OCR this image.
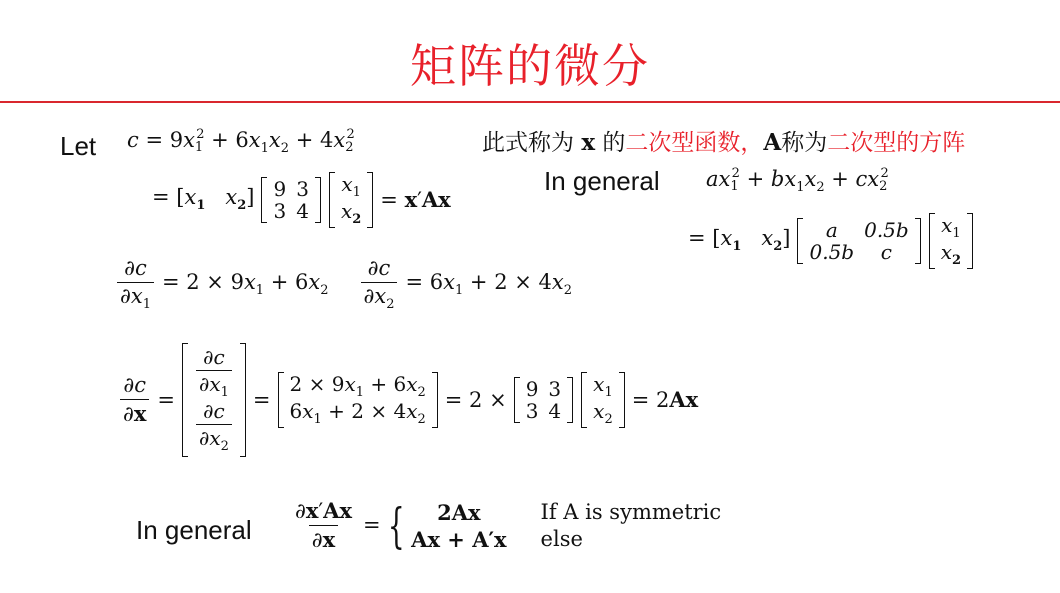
矩阵的微分
Let $c = 9x_1^2 + 6x_1x_2 + 4x_2^2$	此式称为 x 的二次型函数，A称为二次型的方阵
= [$x_1$ $x_2$] 9	3
3	4
$x_1$
$x_2$
= x′Ax
In general $ax_1^2 + bx_1x_2 + cx_2^2$
= [$x_1$ $x_2$] a	0.5b
0.5b	c
$x_1$
$x_2$
$\frac{\partial c}{\partial x_1} = 2 \times 9x_1 + 6x_2 \frac{\partial c}{\partial x_2} = 6x_1 + 2 \times 4x_2$
$\frac{\partial c}{\partial x}$ =
$\frac{\partial c}{\partial x_1}$

$\frac{\partial c}{\partial x_2}$
=
$2 \times 9x_1 + 6x_2$
$6x_1 + 2 \times 4x_2$
= 2 × 9	3
3	4
$x_1$
$x_2$
= 2Ax
In general $\frac{\partial x'Ax}{\partial x}$ = {	2Ax	If A is symmetric
Ax + A′x else
